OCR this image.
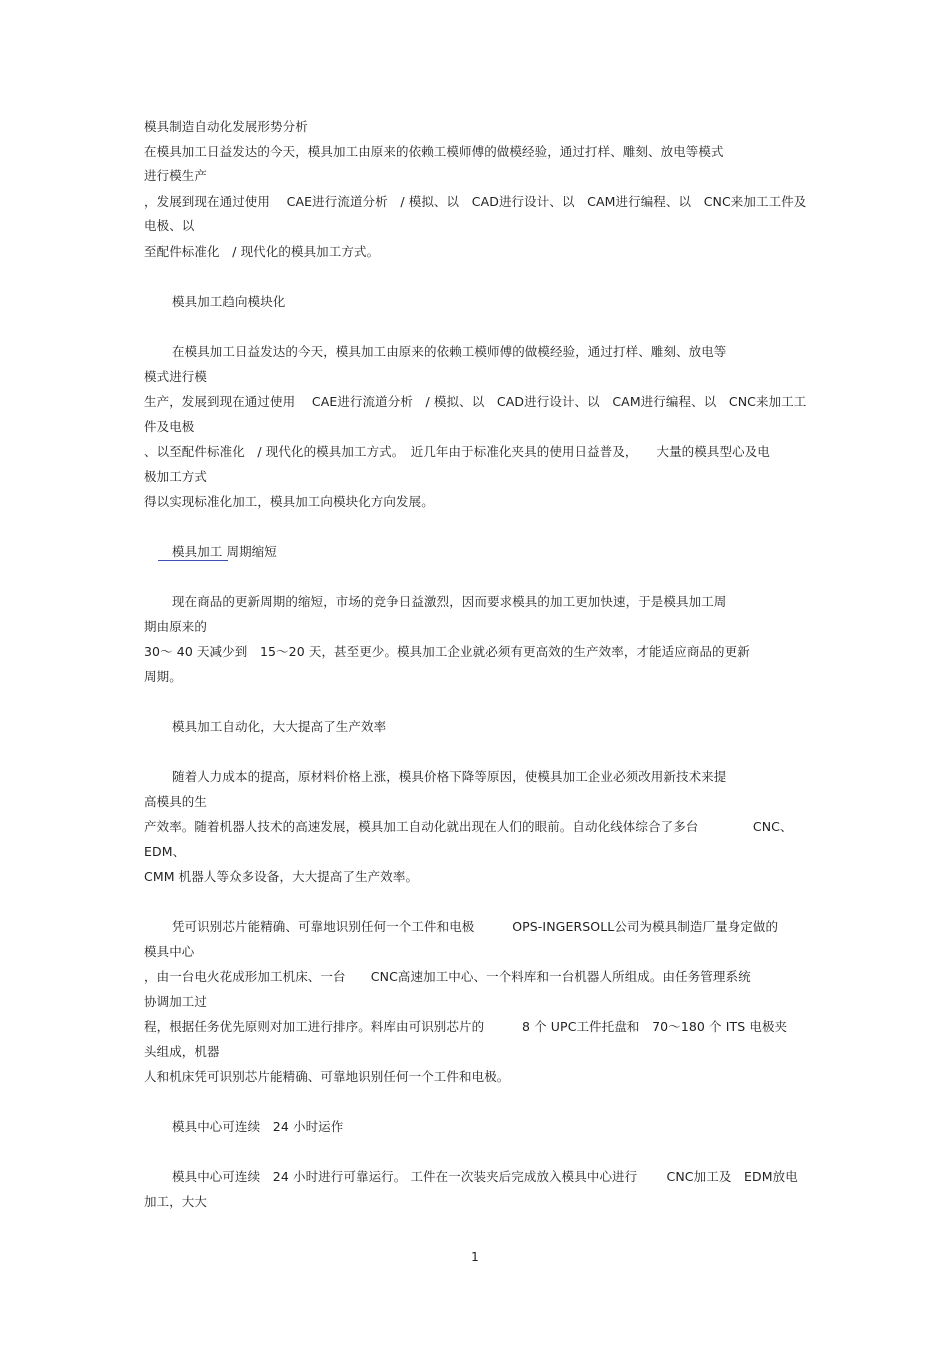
模具制造自动化发展形势分析
在模具加工日益发达的今天，模具加工由原来的依赖工模师傅的做模经验，通过打样、雕刻、放电等模式
进行模生产
，发展到现在通过使用　 CAE进行流道分析　/ 模拟、以　CAD进行设计、以　CAM进行编程、以　CNC来加工工件及
电极、以
至配件标准化　/ 现代化的模具加工方式。
模具加工趋向模块化
在模具加工日益发达的今天，模具加工由原来的依赖工模师傅的做模经验，通过打样、雕刻、放电等
模式进行模
生产，发展到现在通过使用　 CAE进行流道分析　/ 模拟、以　CAD进行设计、以　CAM进行编程、以　CNC来加工工
件及电极
、以至配件标准化　/ 现代化的模具加工方式。　近几年由于标准化夹具的使用日益普及，　　大量的模具型心及电
极加工方式
得以实现标准化加工，模具加工向模块化方向发展。
模具加工 周期缩短
现在商品的更新周期的缩短，市场的竞争日益激烈，因而要求模具的加工更加快速，于是模具加工周
期由原来的
30～ 40 天减少到　15～20 天，甚至更少。模具加工企业就必须有更高效的生产效率，才能适应商品的更新
周期。
模具加工自动化，大大提高了生产效率
随着人力成本的提高，原材料价格上涨，模具价格下降等原因，使模具加工企业必须改用新技术来提
高模具的生
产效率。随着机器人技术的高速发展，模具加工自动化就出现在人们的眼前。自动化线体综合了多台　　　　 CNC、
EDM、
CMM 机器人等众多设备，大大提高了生产效率。
凭可识别芯片能精确、可靠地识别任何一个工件和电极　　　OPS-INGERSOLL公司为模具制造厂量身定做的
模具中心
，由一台电火花成形加工机床、一台　　CNC高速加工中心、一个料库和一台机器人所组成。由任务管理系统
协调加工过
程，根据任务优先原则对加工进行排序。料库由可识别芯片的　　　8 个 UPC工件托盘和　70～180 个 ITS 电极夹
头组成，机器
人和机床凭可识别芯片能精确、可靠地识别任何一个工件和电极。
模具中心可连续　24 小时运作
模具中心可连续　24 小时进行可靠运行。 工件在一次装夹后完成放入模具中心进行　　 CNC加工及　EDM放电
加工，大大
1
